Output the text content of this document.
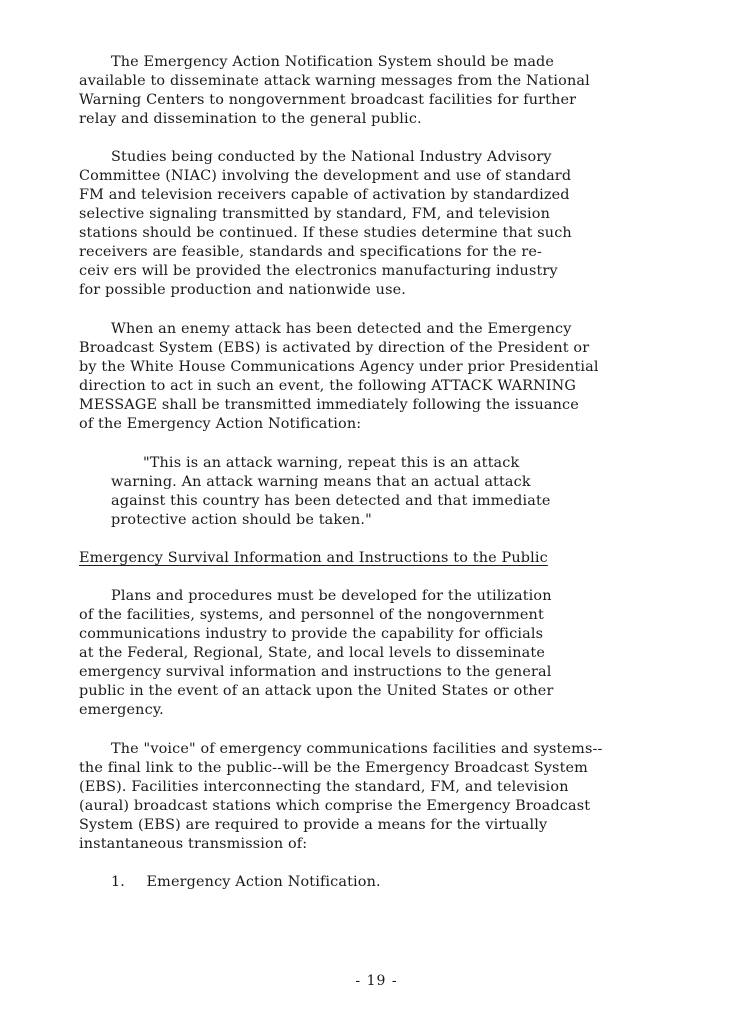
The Emergency Action Notification System should be made

available to disseminate attack warning messages from the National

Warning Centers to nongovernment broadcast facilities for further

relay and dissemination to the general public.

Studies being conducted by the National Industry Advisory

Committee (NIAC) involving the development and use of standard

FM and television receivers capable of activation by standardized

selective signaling transmitted by standard, FM, and television

stations should be continued. If these studies determine that such

receivers are feasible, standards and specifications for the re-

ceiv ers will be provided the electronics manufacturing industry

for possible production and nationwide use.

When an enemy attack has been detected and the Emergency

Broadcast System (EBS) is activated by direction of the President or

by the White House Communications Agency under prior Presidential

direction to act in such an event, the following ATTACK WARNING

MESSAGE shall be transmitted immediately following the issuance

of the Emergency Action Notification:

"This is an attack warning, repeat this is an attack

warning. An attack warning means that an actual attack

against this country has been detected and that immediate

protective action should be taken."

Emergency Survival Information and Instructions to the Public

Plans and procedures must be developed for the utilization

of the facilities, systems, and personnel of the nongovernment

communications industry to provide the capability for officials

at the Federal, Regional, State, and local levels to disseminate

emergency survival information and instructions to the general

public in the event of an attack upon the United States or other

emergency.

The "voice" of emergency communications facilities and systems--

the final link to the public--will be the Emergency Broadcast System

(EBS). Facilities interconnecting the standard, FM, and television

(aural) broadcast stations which comprise the Emergency Broadcast

System (EBS) are required to provide a means for the virtually

instantaneous transmission of:

1. Emergency Action Notification.

- 19 -
